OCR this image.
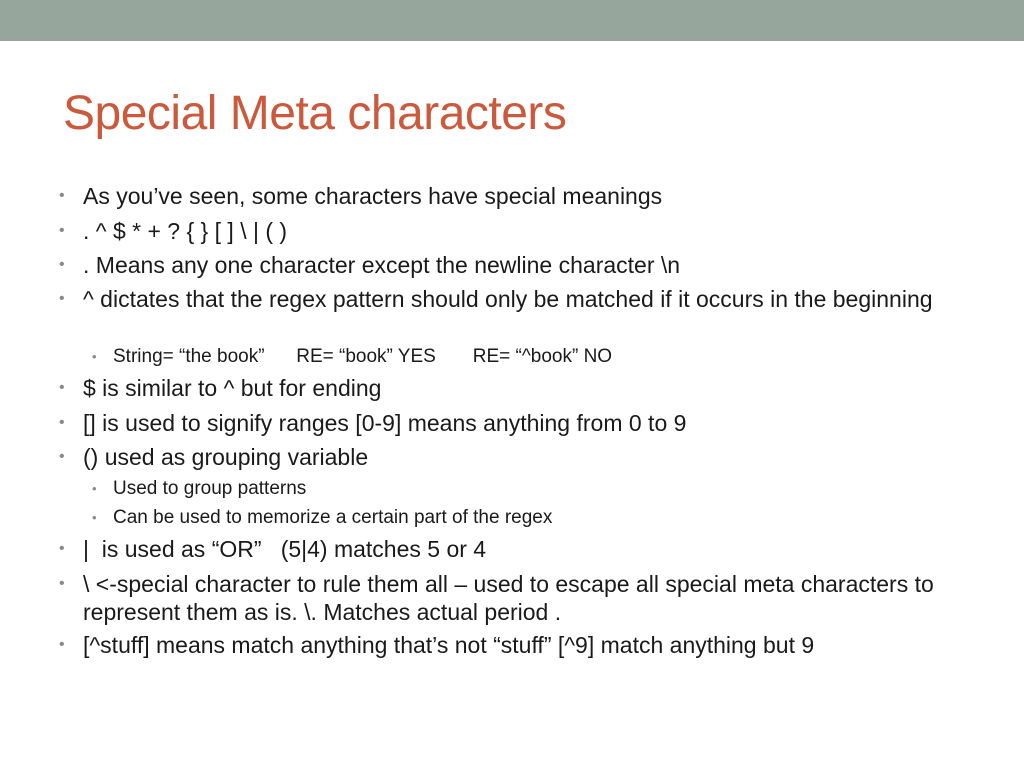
Special Meta characters
• As you’ve seen, some characters have special meanings
• . ^ $ * + ? { } [ ] \ | ( )
• . Means any one character except the newline character \n
• ^ dictates that the regex pattern should only be matched if it occurs in the beginning
• String= “the book”      RE= “book” YES       RE= “^book” NO
• $ is similar to ^ but for ending
• [] is used to signify ranges [0-9] means anything from 0 to 9
• () used as grouping variable
• Used to group patterns
• Can be used to memorize a certain part of the regex
• |  is used as “OR”   (5|4) matches 5 or 4
• \ <-special character to rule them all – used to escape all special meta characters to represent them as is. \. Matches actual period .
• [^stuff] means match anything that’s not “stuff” [^9] match anything but 9
